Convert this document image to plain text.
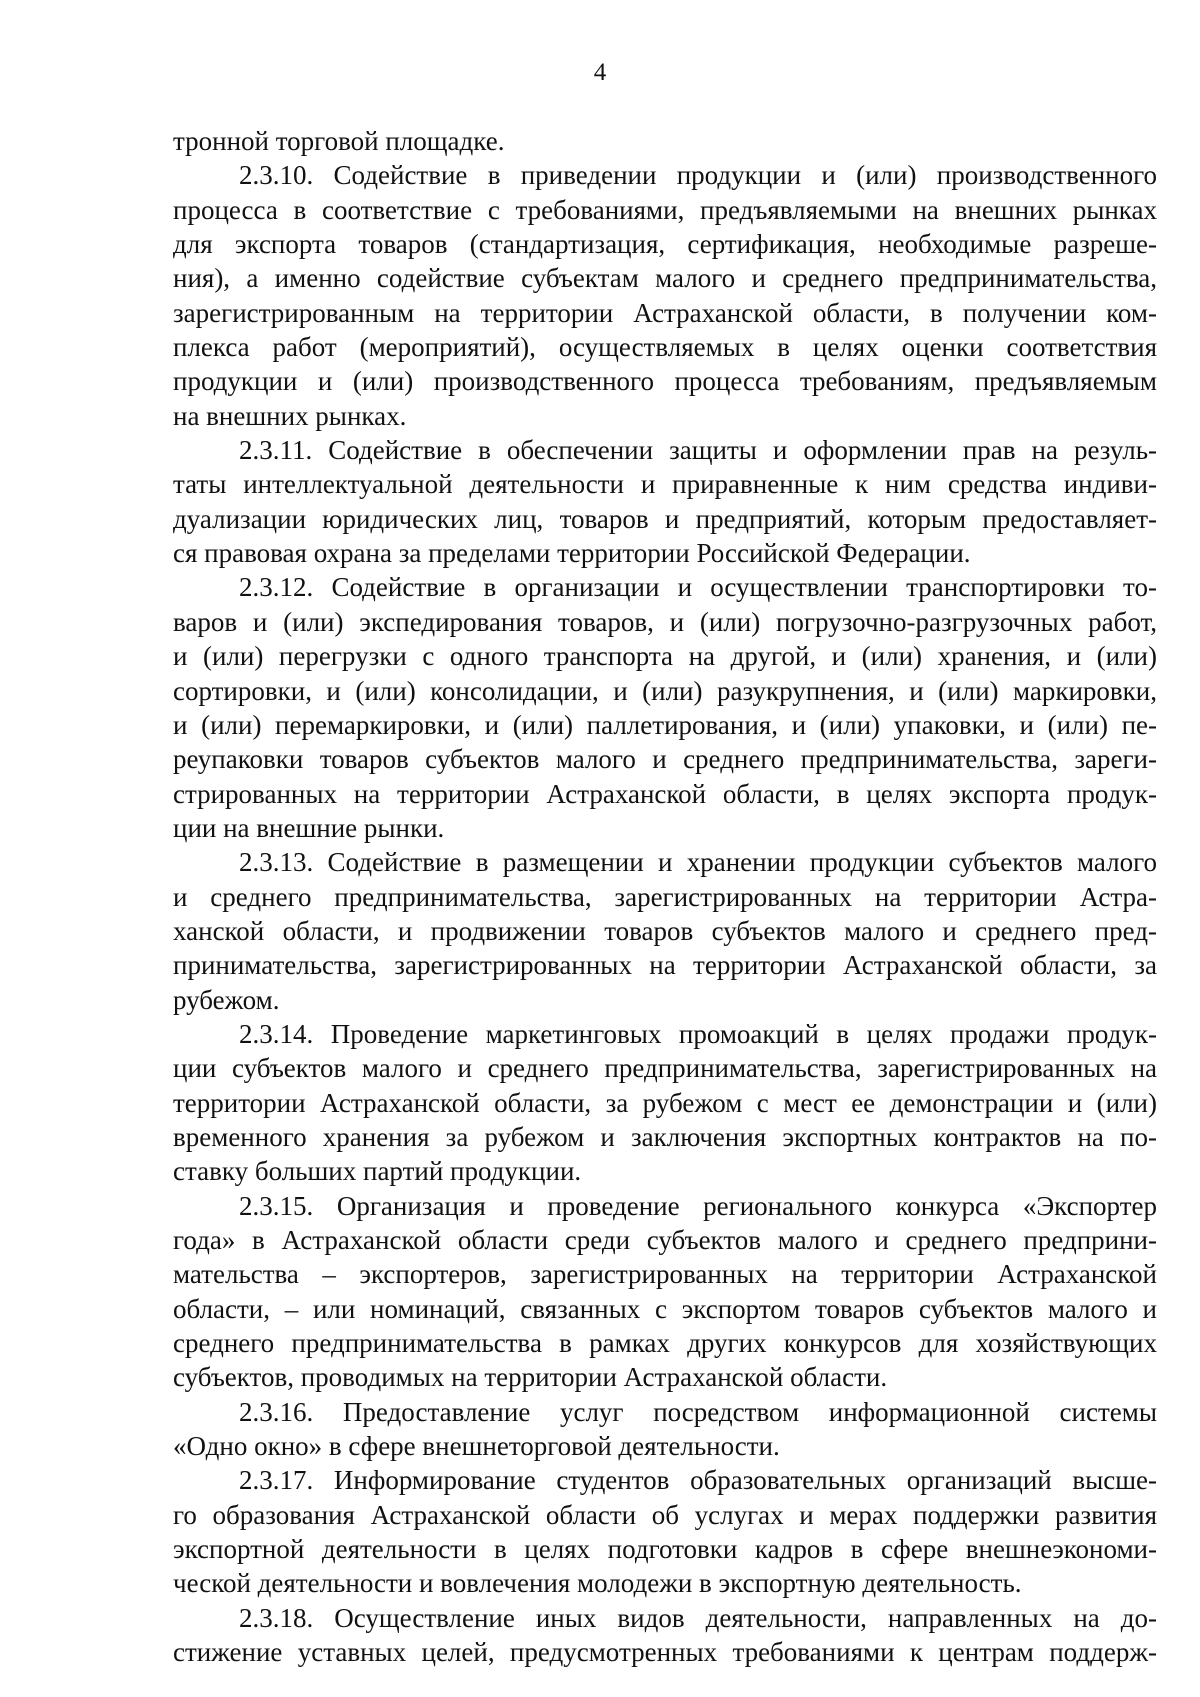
4
тронной торговой площадке.
2.3.10. Содействие в приведении продукции и (или) производственного
процесса в соответствие с требованиями, предъявляемыми на внешних рынках
для экспорта товаров (стандартизация, сертификация, необходимые разреше-
ния), а именно содействие субъектам малого и среднего предпринимательства,
зарегистрированным на территории Астраханской области, в получении ком-
плекса работ (мероприятий), осуществляемых в целях оценки соответствия
продукции и (или) производственного процесса требованиям, предъявляемым
на внешних рынках.
2.3.11. Содействие в обеспечении защиты и оформлении прав на резуль-
таты интеллектуальной деятельности и приравненные к ним средства индиви-
дуализации юридических лиц, товаров и предприятий, которым предоставляет-
ся правовая охрана за пределами территории Российской Федерации.
2.3.12. Содействие в организации и осуществлении транспортировки то-
варов и (или) экспедирования товаров, и (или) погрузочно-разгрузочных работ,
и (или) перегрузки с одного транспорта на другой, и (или) хранения, и (или)
сортировки, и (или) консолидации, и (или) разукрупнения, и (или) маркировки,
и (или) перемаркировки, и (или) паллетирования, и (или) упаковки, и (или) пе-
реупаковки товаров субъектов малого и среднего предпринимательства, зареги-
стрированных на территории Астраханской области, в целях экспорта продук-
ции на внешние рынки.
2.3.13. Содействие в размещении и хранении продукции субъектов малого
и среднего предпринимательства, зарегистрированных на территории Астра-
ханской области, и продвижении товаров субъектов малого и среднего пред-
принимательства, зарегистрированных на территории Астраханской области, за
рубежом.
2.3.14. Проведение маркетинговых промоакций в целях продажи продук-
ции субъектов малого и среднего предпринимательства, зарегистрированных на
территории Астраханской области, за рубежом с мест ее демонстрации и (или)
временного хранения за рубежом и заключения экспортных контрактов на по-
ставку больших партий продукции.
2.3.15. Организация и проведение регионального конкурса «Экспортер
года» в Астраханской области среди субъектов малого и среднего предприни-
мательства – экспортеров, зарегистрированных на территории Астраханской
области, – или номинаций, связанных с экспортом товаров субъектов малого и
среднего предпринимательства в рамках других конкурсов для хозяйствующих
субъектов, проводимых на территории Астраханской области.
2.3.16. Предоставление услуг посредством информационной системы
«Одно окно» в сфере внешнеторговой деятельности.
2.3.17. Информирование студентов образовательных организаций высше-
го образования Астраханской области об услугах и мерах поддержки развития
экспортной деятельности в целях подготовки кадров в сфере внешнеэкономи-
ческой деятельности и вовлечения молодежи в экспортную деятельность.
2.3.18. Осуществление иных видов деятельности, направленных на до-
стижение уставных целей, предусмотренных требованиями к центрам поддерж-
